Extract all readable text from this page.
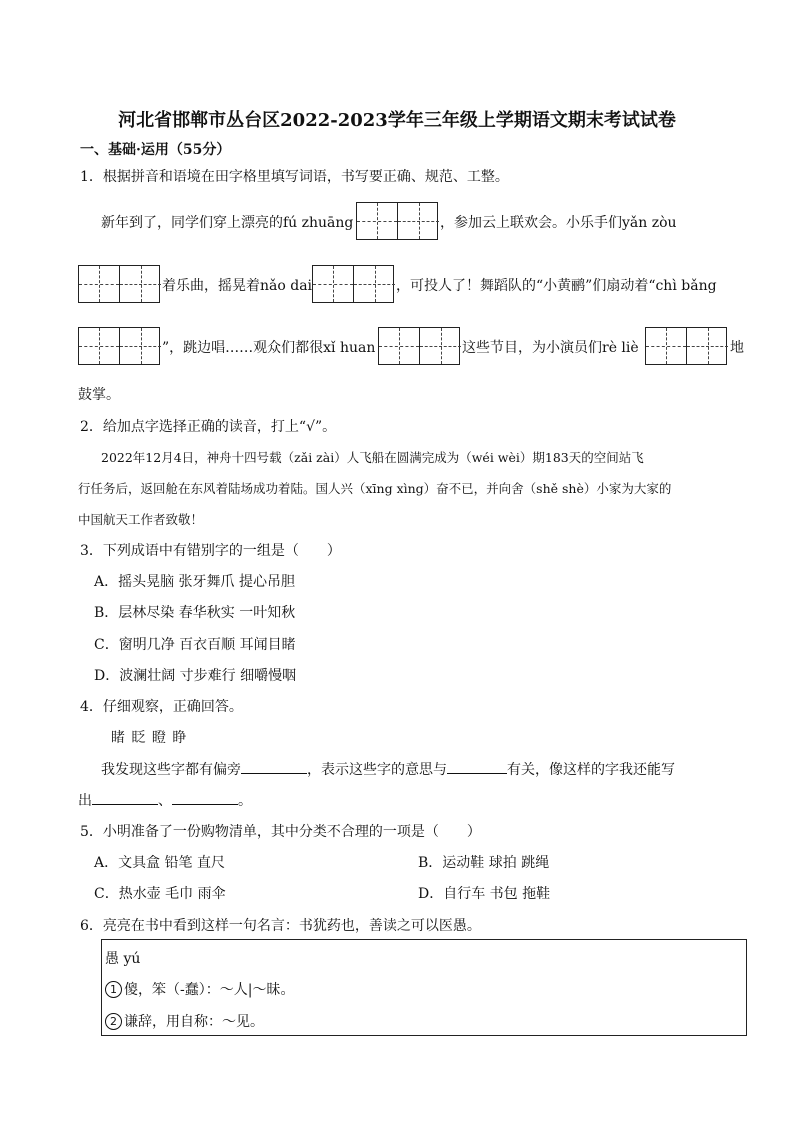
河北省邯郸市丛台区2022-2023学年三年级上学期语文期末考试试卷
一、基础·运用（55分）
1．根据拼音和语境在田字格里填写词语，书写要正确、规范、工整。
新年到了，同学们穿上漂亮的fú zhuāng	，参加云上联欢会。小乐手们yǎn zòu
着乐曲，摇晃着nǎo dai	，可投人了！舞蹈队的“小黄鹂”们扇动着“chì bǎng
”，跳边唱……观众们都很xǐ huan	这些节目，为小演员们rè liè	地
鼓掌。
2．给加点字选择正确的读音，打上“√”。
2022年12月4日，神舟十四号载（zǎi zài）人飞船在圆满完成为（wéi wèi）期183天的空间站飞
行任务后，返回舱在东风着陆场成功着陆。国人兴（xīng xìng）奋不已，并向舍（shě shè）小家为大家的
中国航天工作者致敬！
3．下列成语中有错别字的一组是（　　）
A．摇头晃脑 张牙舞爪 提心吊胆
B．层林尽染 春华秋实 一叶知秋
C．窗明几净 百衣百顺 耳闻目睹
D．波澜壮阔 寸步难行 细嚼慢咽
4．仔细观察，正确回答。
睹 眨 瞪 睁
我发现这些字都有偏旁	，表示这些字的意思与	有关，像这样的字我还能写
出	、	。
5．小明准备了一份购物清单，其中分类不合理的一项是（　　）
A．文具盒 铅笔 直尺	B．运动鞋 球拍 跳绳
C．热水壶 毛巾 雨伞	D．自行车 书包 拖鞋
6．亮亮在书中看到这样一句名言：书犹药也，善读之可以医愚。
愚 yú
1 傻，笨（-蠢）：～人|～昧。
2 谦辞，用自称：～见。
